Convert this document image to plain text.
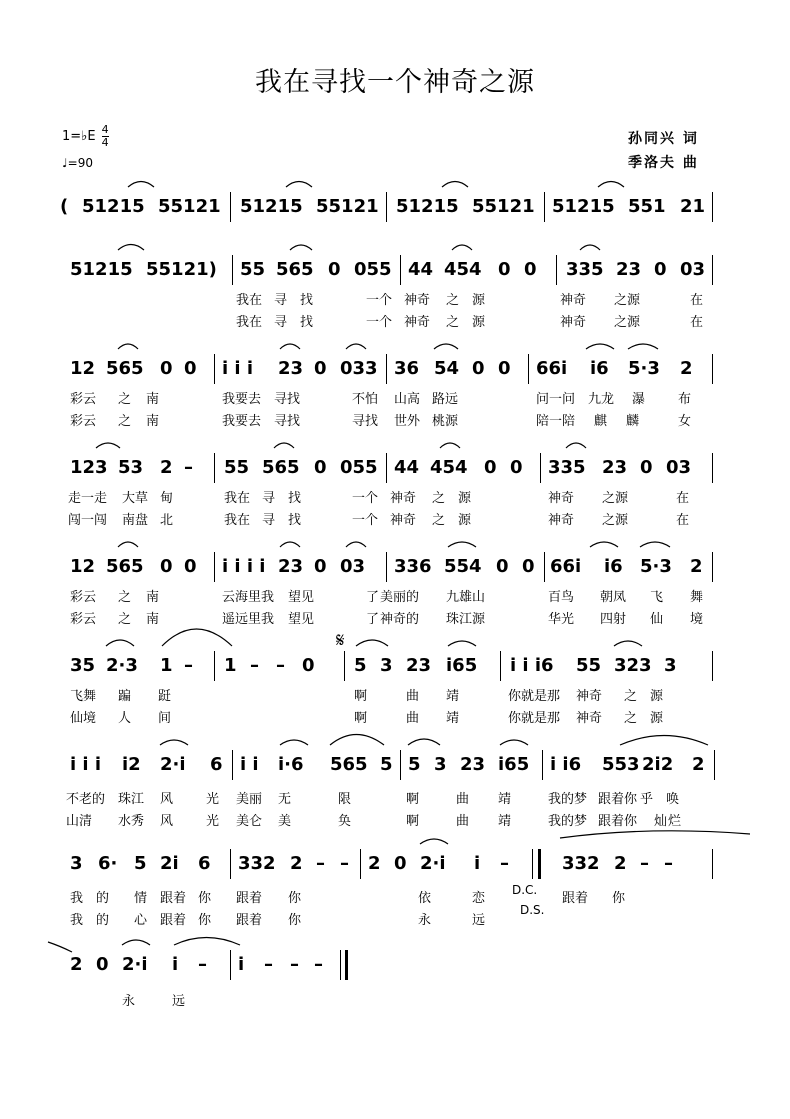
我在寻找一个神奇之源
1=♭E $\frac{4}{4}$
♩=90
孙同兴 词
季洛夫 曲
( 51215 55121 51215 55121 51215 55121 51215 551 21
51215 55121) 55 565 0 055 44 454 0 0 335 23 0 03
我在 寻 找	一个 神奇 之 源	神奇 之源	在
我在 寻 找	一个 神奇 之 源	神奇 之源	在
12 565 0 0 i i i 23 0 033 36 54 0 0 66i i6 5·3 2
彩云 之 南	我要去 寻找	不怕 山高 路远	问一问 九龙 瀑	布
彩云 之 南	我要去 寻找	寻找 世外 桃源	陪一陪 麒 麟	女
123 53 2 – 55 565 0 055 44 454 0 0 335 23 0 03
走一走 大草 甸	我在 寻 找	一个 神奇 之 源	神奇 之源	在
闯一闯 南盘 北	我在 寻 找	一个 神奇 之 源	神奇 之源	在
12 565 0 0 i i i i 23 0 03 336 554 0 0 66i i6 5·3 2
彩云 之 南	云海里我 望见	了 美丽的 九雄山	百鸟 朝凤 飞 舞
彩云 之 南	遥远里我 望见	了 神奇的 珠江源	华光 四射 仙 境
35 2·3 1 – 1 – – 0 5 3 23 i65 i i i6 55 323 3
飞舞 蹁 跹	啊	曲 靖	你就是那 神奇 之 源
仙境 人 间	啊	曲 靖	你就是那 神奇 之 源
i i i i2 2·i 6 i i i·6 565 5 5 3 23 i65 i i6 553 2i2 2
不老的 珠江 风	光 美丽 无	限	啊	曲 靖	我的梦 跟着你 乎 唤
山清 水秀 风	光 美仑 美	奂	啊	曲 靖	我的梦 跟着你 灿 烂
3 6· 5 2i 6 332 2 – – 2 0 2·i i –	332 2 – –
我 的 情 跟着 你 跟着 你	依	恋	跟着 你
我 的 心 跟着 你 跟着 你	永	远
D.C.
D.S.
2 0 2·i i – i – – –
永	远
𝄋
